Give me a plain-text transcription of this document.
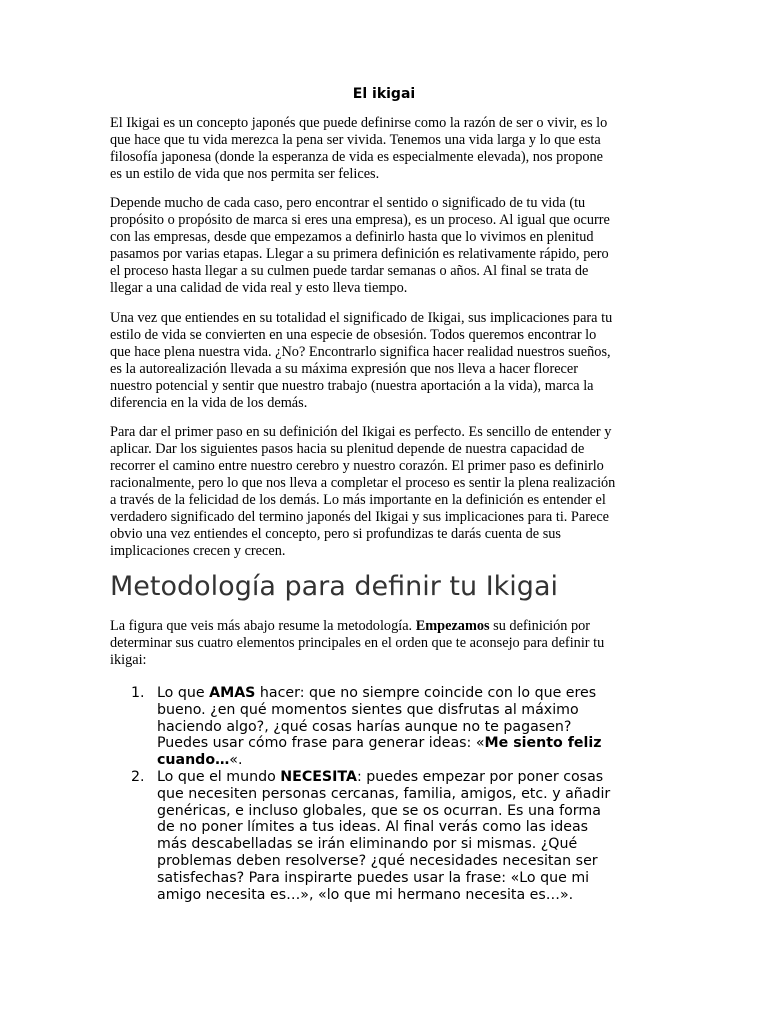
El ikigai

El Ikigai es un concepto japonés que puede definirse como la razón de ser o vivir, es lo
que hace que tu vida merezca la pena ser vivida. Tenemos una vida larga y lo que esta
filosofía japonesa (donde la esperanza de vida es especialmente elevada), nos propone
es un estilo de vida que nos permita ser felices.

Depende mucho de cada caso, pero encontrar el sentido o significado de tu vida (tu
propósito o propósito de marca si eres una empresa), es un proceso. Al igual que ocurre
con las empresas, desde que empezamos a definirlo hasta que lo vivimos en plenitud
pasamos por varias etapas. Llegar a su primera definición es relativamente rápido, pero
el proceso hasta llegar a su culmen puede tardar semanas o años. Al final se trata de
llegar a una calidad de vida real y esto lleva tiempo.

Una vez que entiendes en su totalidad el significado de Ikigai, sus implicaciones para tu
estilo de vida se convierten en una especie de obsesión. Todos queremos encontrar lo
que hace plena nuestra vida. ¿No? Encontrarlo significa hacer realidad nuestros sueños,
es la autorealización llevada a su máxima expresión que nos lleva a hacer florecer
nuestro potencial y sentir que nuestro trabajo (nuestra aportación a la vida), marca la
diferencia en la vida de los demás.

Para dar el primer paso en su definición del Ikigai es perfecto. Es sencillo de entender y
aplicar. Dar los siguientes pasos hacia su plenitud depende de nuestra capacidad de
recorrer el camino entre nuestro cerebro y nuestro corazón. El primer paso es definirlo
racionalmente, pero lo que nos lleva a completar el proceso es sentir la plena realización
a través de la felicidad de los demás. Lo más importante en la definición es entender el
verdadero significado del termino japonés del Ikigai y sus implicaciones para ti. Parece
obvio una vez entiendes el concepto, pero si profundizas te darás cuenta de sus
implicaciones crecen y crecen.

Metodología para definir tu Ikigai

La figura que veis más abajo resume la metodología. Empezamos su definición por
determinar sus cuatro elementos principales en el orden que te aconsejo para definir tu
ikigai:

1. Lo que AMAS hacer: que no siempre coincide con lo que eres
bueno. ¿en qué momentos sientes que disfrutas al máximo
haciendo algo?, ¿qué cosas harías aunque no te pagasen?
Puedes usar cómo frase para generar ideas: «Me siento feliz
cuando…«.
2. Lo que el mundo NECESITA: puedes empezar por poner cosas
que necesiten personas cercanas, familia, amigos, etc. y añadir
genéricas, e incluso globales, que se os ocurran. Es una forma
de no poner límites a tus ideas. Al final verás como las ideas
más descabelladas se irán eliminando por si mismas. ¿Qué
problemas deben resolverse? ¿qué necesidades necesitan ser
satisfechas? Para inspirarte puedes usar la frase: «Lo que mi
amigo necesita es…», «lo que mi hermano necesita es…».
